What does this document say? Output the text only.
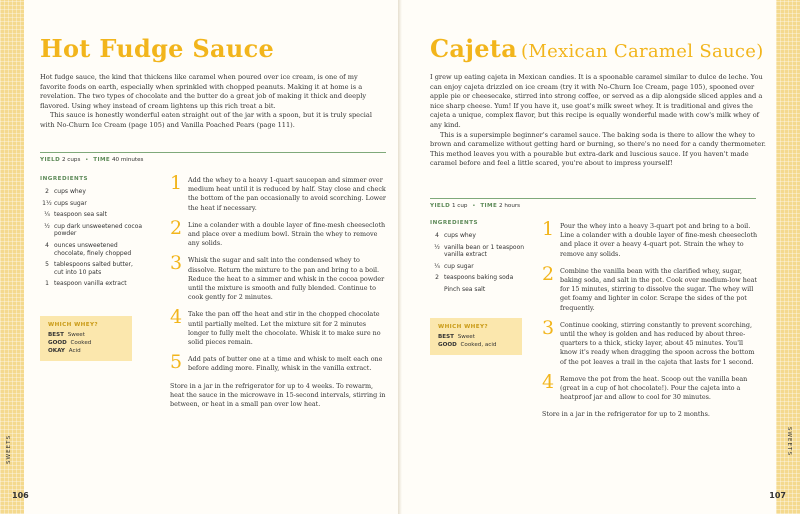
Hot Fudge Sauce

Hot fudge sauce, the kind that thickens like caramel when poured over ice cream, is one of my favorite foods on earth, especially when sprinkled with chopped peanuts. Making it at home is a revelation. The two types of chocolate and the butter do a great job of making it thick and deeply flavored. Using whey instead of cream lightens up this rich treat a bit.

This sauce is honestly wonderful eaten straight out of the jar with a spoon, but it is truly special with No-Churn Ice Cream (page 105) and Vanilla Poached Pears (page 111).

YIELD 2 cups • TIME 40 minutes
INGREDIENTS
2 cups whey
1½ cups sugar
¼ teaspoon sea salt
½ cup dark unsweetened cocoa powder
4 ounces unsweetened chocolate, finely chopped
5 tablespoons salted butter, cut into 10 pats
1 teaspoon vanilla extract
WHICH WHEY?
BEST Sweet
GOOD Cooked
OKAY Acid
1 Add the whey to a heavy 1-quart saucepan and simmer over medium heat until it is reduced by half. Stay close and check the bottom of the pan occasionally to avoid scorching. Lower the heat if necessary.
2 Line a colander with a double layer of fine-mesh cheesecloth and place over a medium bowl. Strain the whey to remove any solids.
3 Whisk the sugar and salt into the condensed whey to dissolve. Return the mixture to the pan and bring to a boil. Reduce the heat to a simmer and whisk in the cocoa powder until the mixture is smooth and fully blended. Continue to cook gently for 2 minutes.
4 Take the pan off the heat and stir in the chopped chocolate until partially melted. Let the mixture sit for 2 minutes longer to fully melt the chocolate. Whisk it to make sure no solid pieces remain.
5 Add pats of butter one at a time and whisk to melt each one before adding more. Finally, whisk in the vanilla extract.
Store in a jar in the refrigerator for up to 4 weeks. To rewarm, heat the sauce in the microwave in 15-second intervals, stirring in between, or heat in a small pan over low heat.
106
SWEETS
Cajeta (Mexican Caramel Sauce)

I grew up eating cajeta in Mexican candies. It is a spoonable caramel similar to dulce de leche. You can enjoy cajeta drizzled on ice cream (try it with No-Churn Ice Cream, page 105), spooned over apple pie or cheesecake, stirred into strong coffee, or served as a dip alongside sliced apples and a nice sharp cheese. Yum! If you have it, use goat's milk sweet whey. It is traditional and gives the cajeta a unique, complex flavor, but this recipe is equally wonderful made with cow's milk whey of any kind.

This is a supersimple beginner's caramel sauce. The baking soda is there to allow the whey to brown and caramelize without getting hard or burning, so there's no need for a candy thermometer. This method leaves you with a pourable but extra-dark and luscious sauce. If you haven't made caramel before and feel a little scared, you're about to impress yourself!

YIELD 1 cup • TIME 2 hours
INGREDIENTS
4 cups whey
½ vanilla bean or 1 teaspoon vanilla extract
¼ cup sugar
2 teaspoons baking soda
Pinch sea salt
WHICH WHEY?
BEST Sweet
GOOD Cooked, acid
1 Pour the whey into a heavy 3-quart pot and bring to a boil. Line a colander with a double layer of fine-mesh cheesecloth and place it over a heavy 4-quart pot. Strain the whey to remove any solids.
2 Combine the vanilla bean with the clarified whey, sugar, baking soda, and salt in the pot. Cook over medium-low heat for 15 minutes, stirring to dissolve the sugar. The whey will get foamy and lighter in color. Scrape the sides of the pot frequently.
3 Continue cooking, stirring constantly to prevent scorching, until the whey is golden and has reduced by about three-quarters to a thick, sticky layer, about 45 minutes. You'll know it's ready when dragging the spoon across the bottom of the pot leaves a trail in the cajeta that lasts for 1 second.
4 Remove the pot from the heat. Scoop out the vanilla bean (great in a cup of hot chocolate!). Pour the cajeta into a heatproof jar and allow to cool for 30 minutes.
Store in a jar in the refrigerator for up to 2 months.
107
SWEETS
